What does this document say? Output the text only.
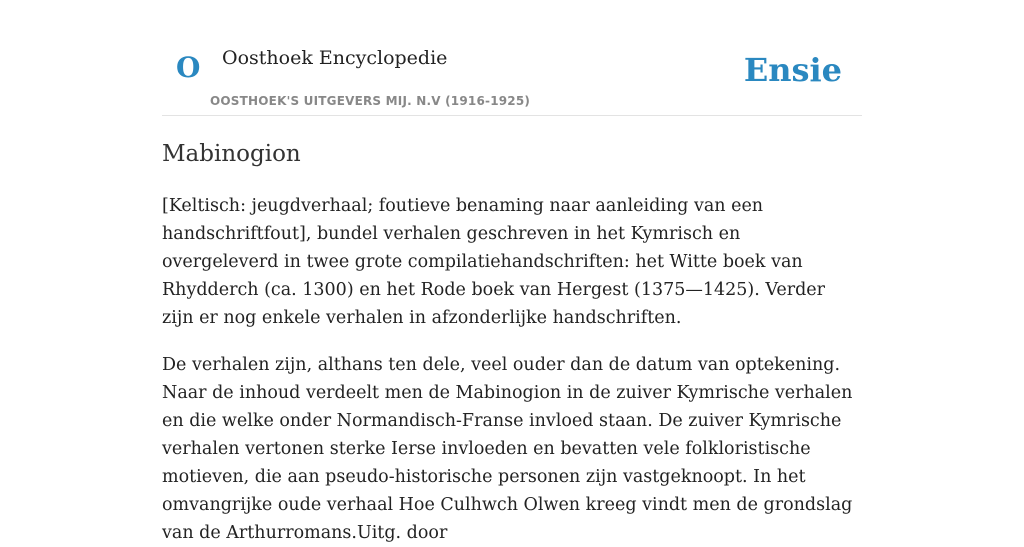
O Oosthoek Encyclopedie
OOSTHOEK'S UITGEVERS MIJ. N.V (1916-1925)
Ensie
Mabinogion

[Keltisch: jeugdverhaal; foutieve benaming naar aanleiding van een handschriftfout], bundel verhalen geschreven in het Kymrisch en overgeleverd in twee grote compilatiehandschriften: het Witte boek van Rhydderch (ca. 1300) en het Rode boek van Hergest (1375—1425). Verder zijn er nog enkele verhalen in afzonderlijke handschriften.

De verhalen zijn, althans ten dele, veel ouder dan de datum van optekening. Naar de inhoud verdeelt men de Mabinogion in de zuiver Kymrische verhalen en die welke onder Normandisch-Franse invloed staan. De zuiver Kymrische verhalen vertonen sterke Ierse invloeden en bevatten vele folkloristische motieven, die aan pseudo-historische personen zijn vastgeknoopt. In het omvangrijke oude verhaal Hoe Culhwch Olwen kreeg vindt men de grondslag van de Arthurromans.Uitg. door
